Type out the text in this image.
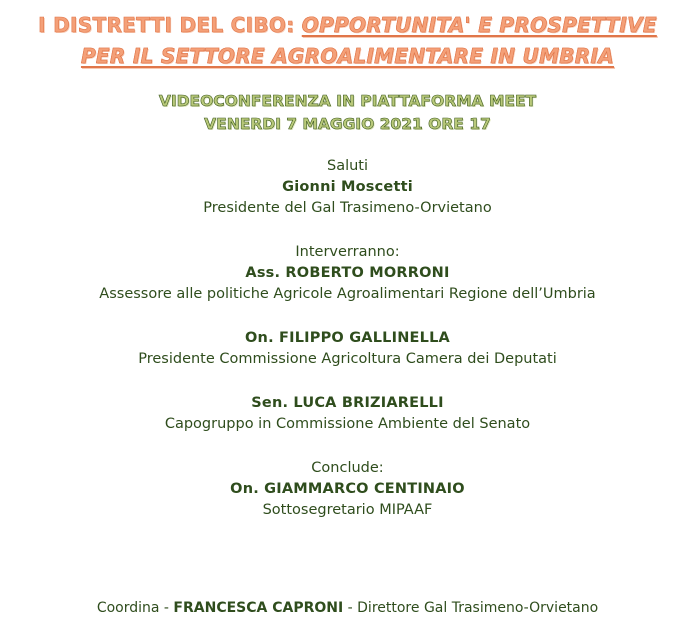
I DISTRETTI DEL CIBO: OPPORTUNITA' E PROSPETTIVE
PER IL SETTORE AGROALIMENTARE IN UMBRIA
VIDEOCONFERENZA IN PIATTAFORMA MEET
VENERDI 7 MAGGIO 2021 ORE 17
Saluti
Gionni Moscetti
Presidente del Gal Trasimeno-Orvietano
Interverranno:
Ass. ROBERTO MORRONI
Assessore alle politiche Agricole Agroalimentari Regione dell’Umbria
On. FILIPPO GALLINELLA
Presidente Commissione Agricoltura Camera dei Deputati
Sen. LUCA BRIZIARELLI
Capogruppo in Commissione Ambiente del Senato
Conclude:
On. GIAMMARCO CENTINAIO
Sottosegretario MIPAAF
Coordina - FRANCESCA CAPRONI - Direttore Gal Trasimeno-Orvietano
